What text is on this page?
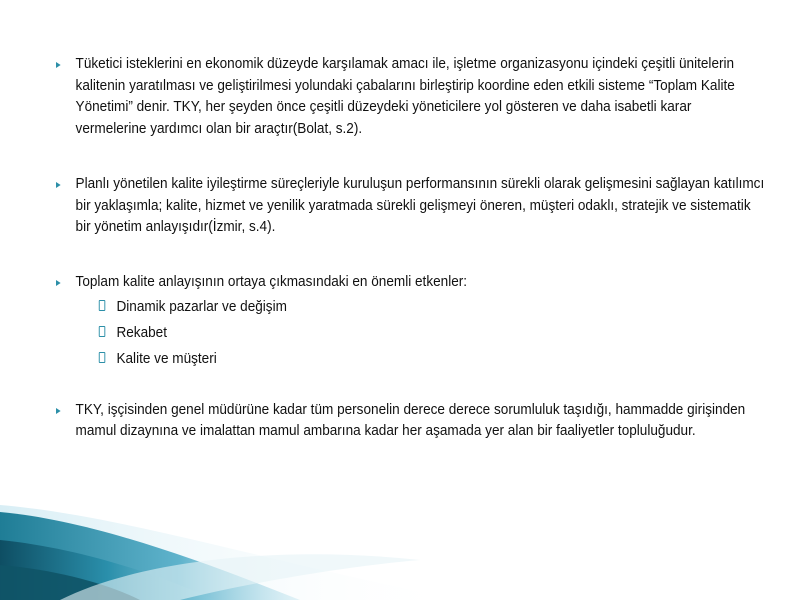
Tüketici isteklerini en ekonomik düzeyde karşılamak amacı ile, işletme organizasyonu içindeki çeşitli ünitelerin kalitenin yaratılması ve geliştirilmesi yolundaki çabalarını birleştirip koordine eden etkili sisteme “Toplam Kalite Yönetimi” denir. TKY, her şeyden önce çeşitli düzeydeki yöneticilere yol gösteren ve daha isabetli karar vermelerine yardımcı olan bir araçtır(Bolat, s.2).
Planlı yönetilen kalite iyileştirme süreçleriyle kuruluşun performansının sürekli olarak gelişmesini sağlayan katılımcı bir yaklaşımla; kalite, hizmet ve yenilik yaratmada sürekli gelişmeyi öneren, müşteri odaklı, stratejik ve sistematik bir yönetim anlayışıdır(İzmir, s.4).
Toplam kalite anlayışının ortaya çıkmasındaki en önemli etkenler:
Dinamik pazarlar ve değişim
Rekabet
Kalite ve müşteri
TKY, işçisinden genel müdürüne kadar tüm personelin derece derece sorumluluk taşıdığı, hammadde girişinden mamul dizaynına ve imalattan mamul ambarına kadar her aşamada yer alan bir faaliyetler topluluğudur.
